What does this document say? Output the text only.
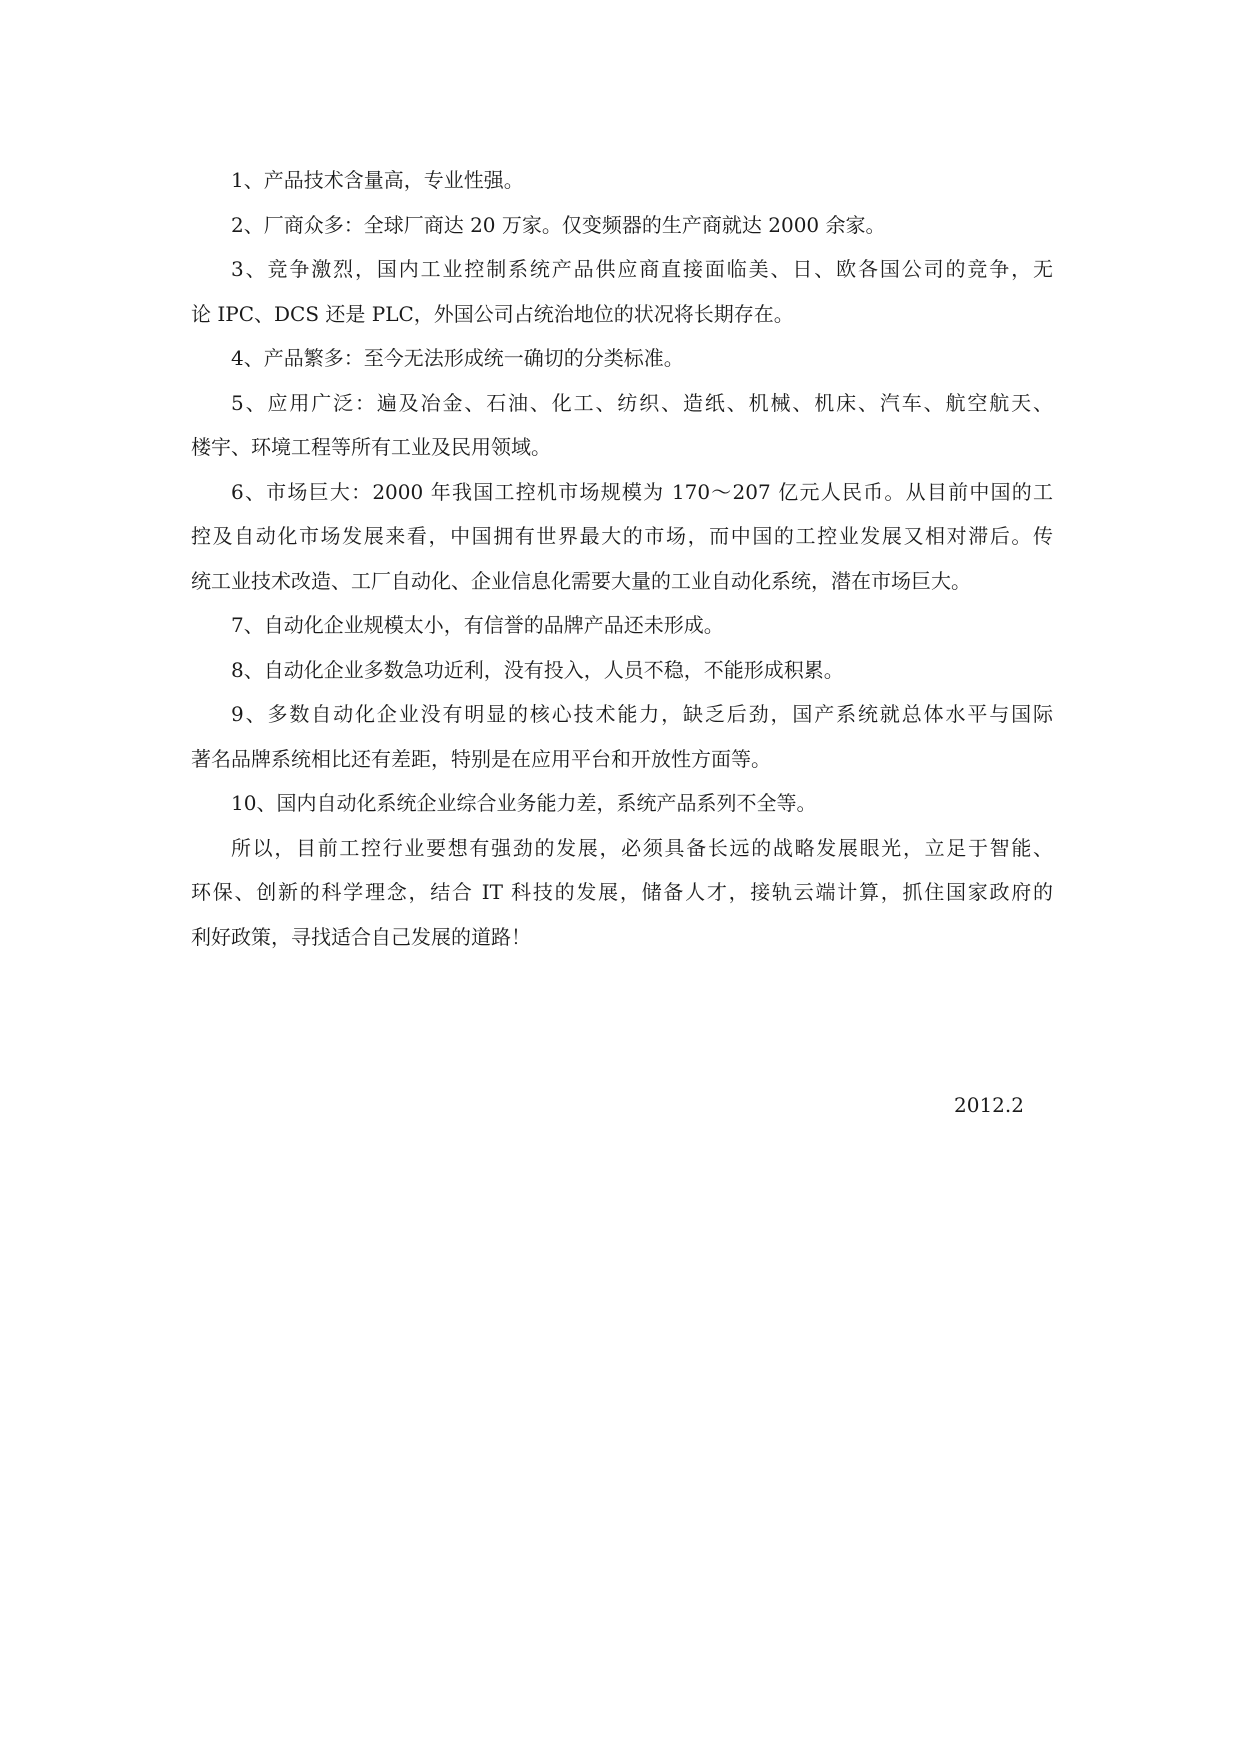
1、产品技术含量高，专业性强。

2、厂商众多：全球厂商达 20 万家。仅变频器的生产商就达 2000 余家。

3、竞争激烈，国内工业控制系统产品供应商直接面临美、日、欧各国公司的竞争，无
论 IPC、DCS 还是 PLC，外国公司占统治地位的状况将长期存在。

4、产品繁多：至今无法形成统一确切的分类标准。

5、应用广泛：遍及冶金、石油、化工、纺织、造纸、机械、机床、汽车、航空航天、
楼宇、环境工程等所有工业及民用领域。

6、市场巨大：2000 年我国工控机市场规模为 170～207 亿元人民币。从目前中国的工
控及自动化市场发展来看，中国拥有世界最大的市场，而中国的工控业发展又相对滞后。传
统工业技术改造、工厂自动化、企业信息化需要大量的工业自动化系统，潜在市场巨大。

7、自动化企业规模太小，有信誉的品牌产品还未形成。

8、自动化企业多数急功近利，没有投入，人员不稳，不能形成积累。

9、多数自动化企业没有明显的核心技术能力，缺乏后劲，国产系统就总体水平与国际
著名品牌系统相比还有差距，特别是在应用平台和开放性方面等。

10、国内自动化系统企业综合业务能力差，系统产品系列不全等。

所以，目前工控行业要想有强劲的发展，必须具备长远的战略发展眼光，立足于智能、
环保、创新的科学理念，结合 IT 科技的发展，储备人才，接轨云端计算，抓住国家政府的
利好政策，寻找适合自己发展的道路！

2012.2
